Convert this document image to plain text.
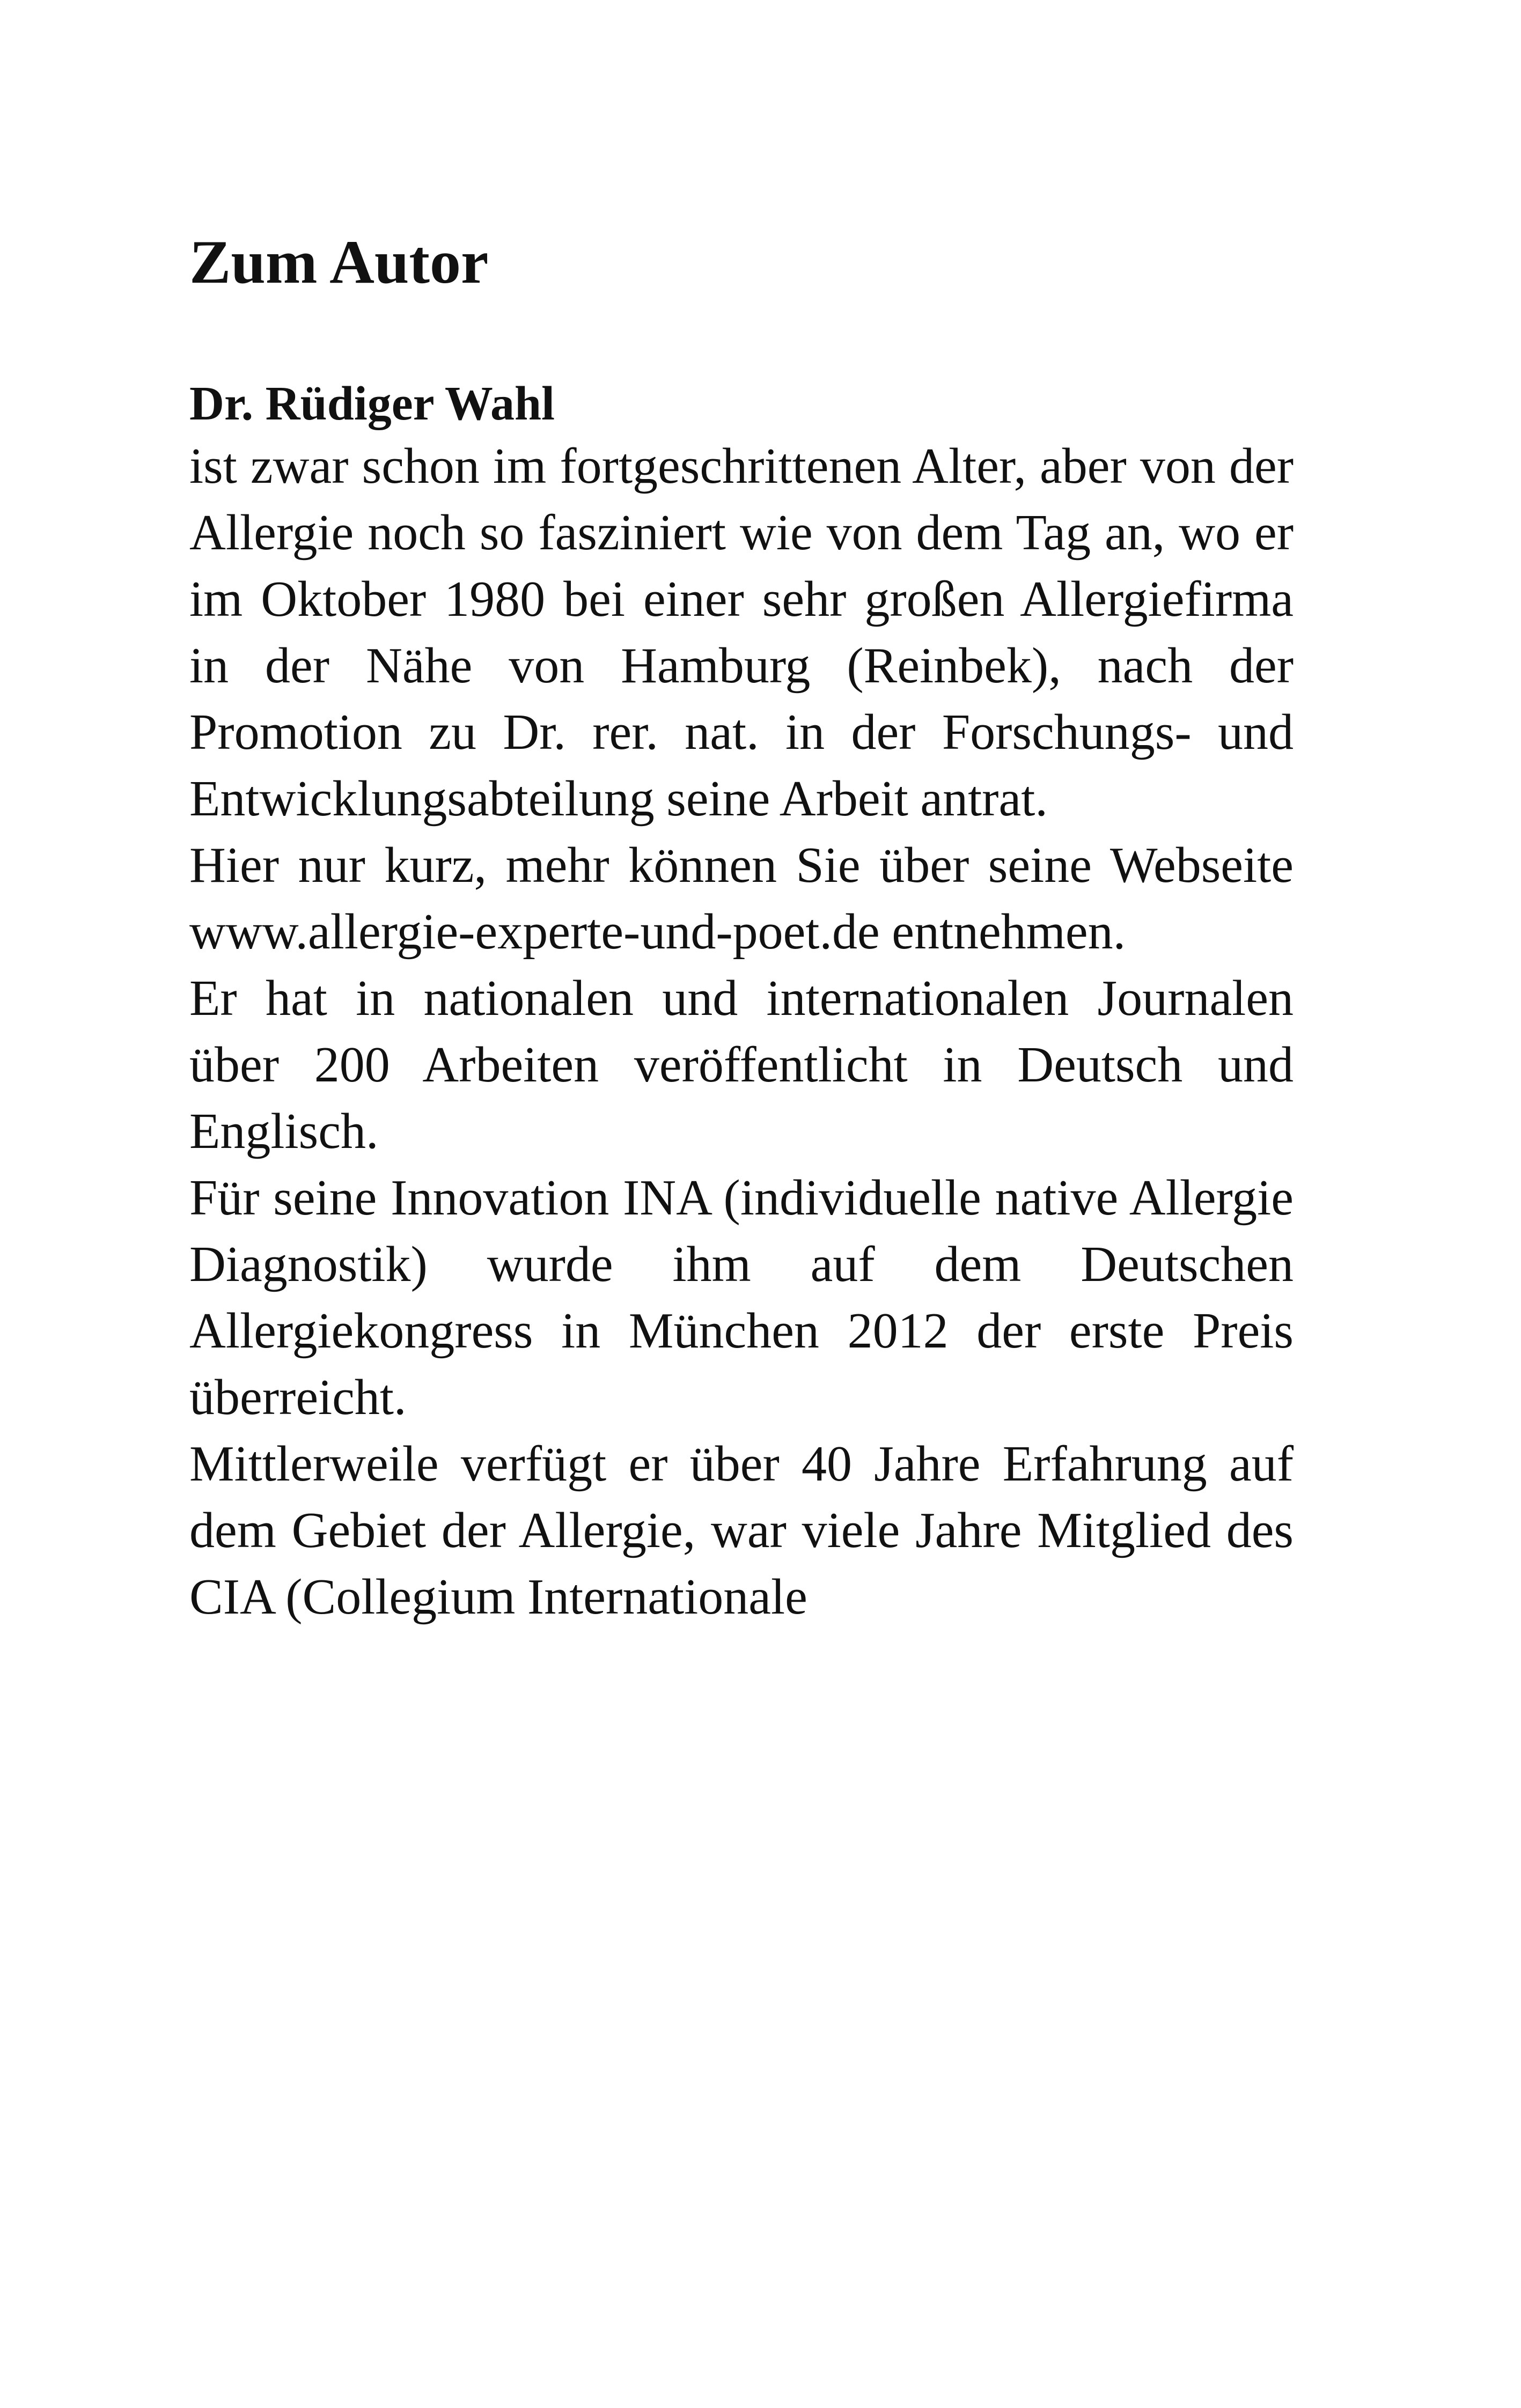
Zum Autor
Dr. Rüdiger Wahl

ist zwar schon im fortgeschrittenen Alter, aber von der Allergie noch so fasziniert wie von dem Tag an, wo er im Oktober 1980 bei einer sehr großen Allergiefirma in der Nähe von Hamburg (Reinbek), nach der Promotion zu Dr. rer. nat. in der Forschungs- und Entwicklungsabteilung seine Arbeit antrat.

Hier nur kurz, mehr können Sie über seine Webseite www.allergie-experte-und-poet.de entnehmen.

Er hat in nationalen und internationalen Journalen über 200 Arbeiten veröffentlicht in Deutsch und Englisch.

Für seine Innovation INA (individuelle native Allergie Diagnostik) wurde ihm auf dem Deutschen Allergiekongress in München 2012 der erste Preis überreicht.

Mittlerweile verfügt er über 40 Jahre Erfahrung auf dem Gebiet der Allergie, war viele Jahre Mitglied des CIA (Collegium Internationale
